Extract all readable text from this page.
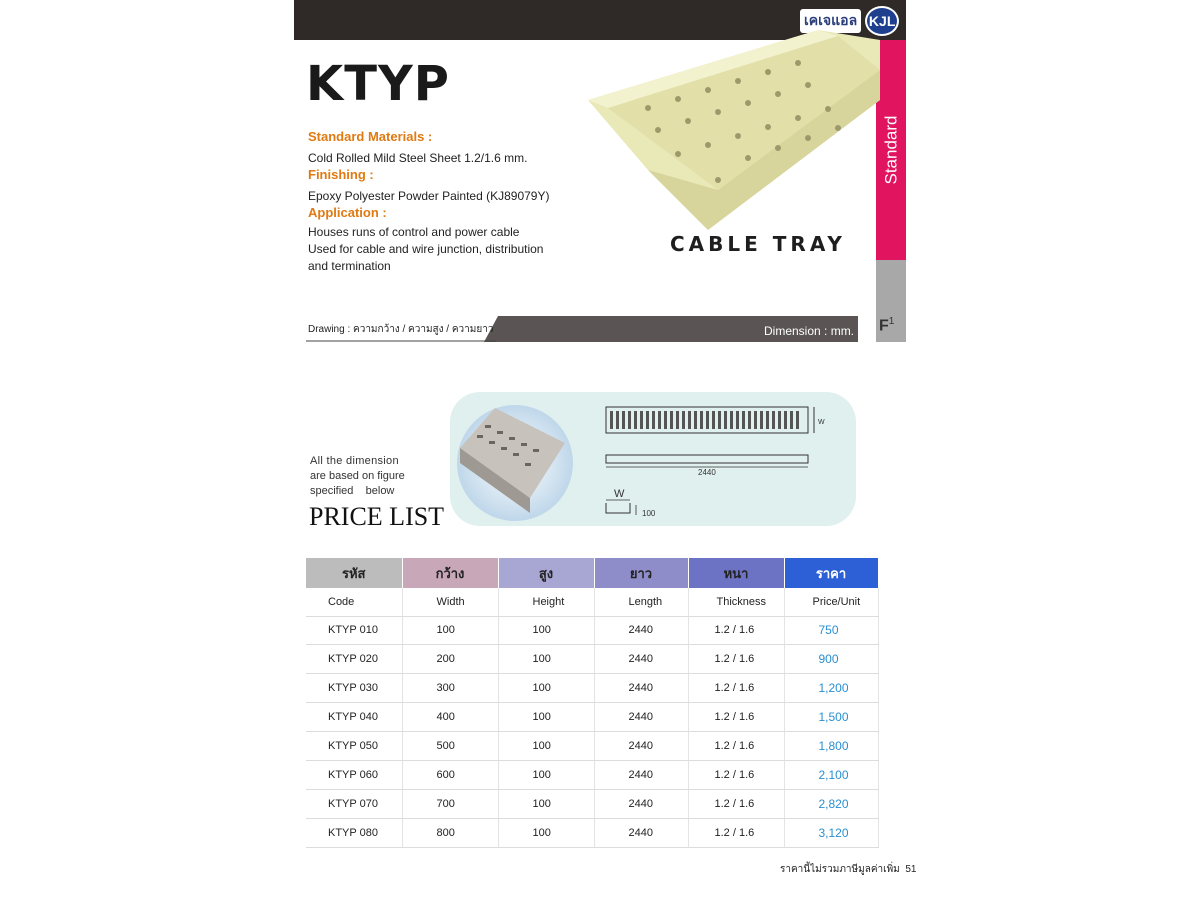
เคเจแอล KJL
Standard
$F^1$
KTYP
Standard Materials :
Cold Rolled Mild Steel Sheet 1.2/1.6 mm.
Finishing :
Epoxy Polyester Powder Painted (KJ89079Y)
Application :
Houses runs of control and power cable
Used for cable and wire junction, distribution
and termination
CABLE TRAY
Drawing : ความกว้าง / ความสูง / ความยาว	Dimension : mm.
W
2440
W
100
All the dimension
are based on figure
specified    below
PRICE LIST
รหัส	กว้าง	สูง	ยาว	หนา	ราคา
Code	Width	Height	Length	Thickness	Price/Unit
KTYP 010	100	100	2440	1.2 / 1.6	750
KTYP 020	200	100	2440	1.2 / 1.6	900
KTYP 030	300	100	2440	1.2 / 1.6	1,200
KTYP 040	400	100	2440	1.2 / 1.6	1,500
KTYP 050	500	100	2440	1.2 / 1.6	1,800
KTYP 060	600	100	2440	1.2 / 1.6	2,100
KTYP 070	700	100	2440	1.2 / 1.6	2,820
KTYP 080	800	100	2440	1.2 / 1.6	3,120
ราคานี้ไม่รวมภาษีมูลค่าเพิ่ม 51
